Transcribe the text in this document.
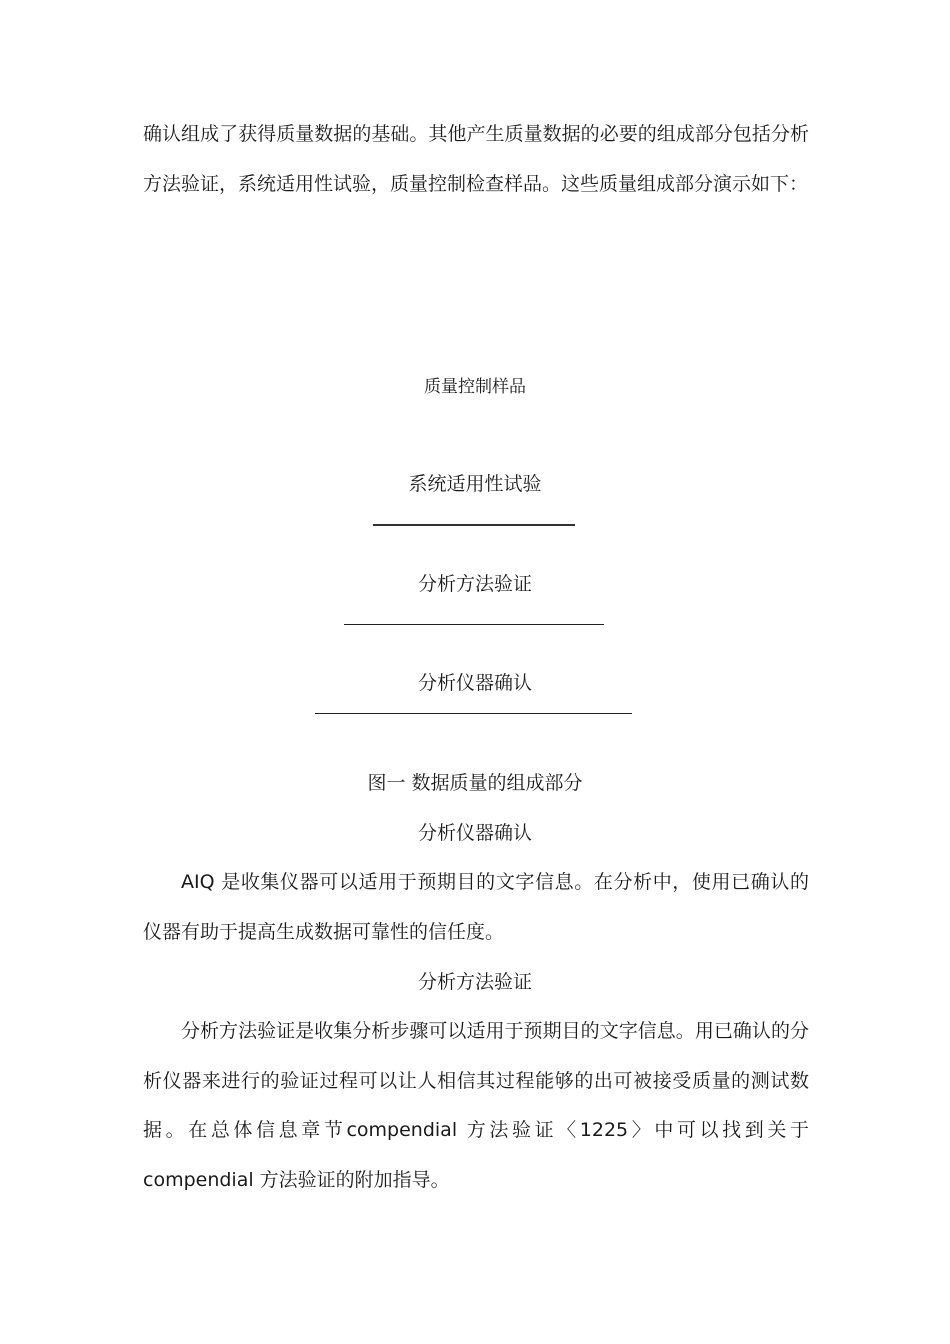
确认组成了获得质量数据的基础。其他产生质量数据的必要的组成部分包括分析方法验证，系统适用性试验，质量控制检查样品。这些质量组成部分演示如下：

质量控制样品

系统适用性试验

分析方法验证

分析仪器确认

图一 数据质量的组成部分

分析仪器确认

AIQ 是收集仪器可以适用于预期目的文字信息。在分析中，使用已确认的仪器有助于提高生成数据可靠性的信任度。

分析方法验证

分析方法验证是收集分析步骤可以适用于预期目的文字信息。用已确认的分析仪器来进行的验证过程可以让人相信其过程能够的出可被接受质量的测试数据。在总体信息章节compendial 方法验证〈1225〉中可以找到关于compendial 方法验证的附加指导。
